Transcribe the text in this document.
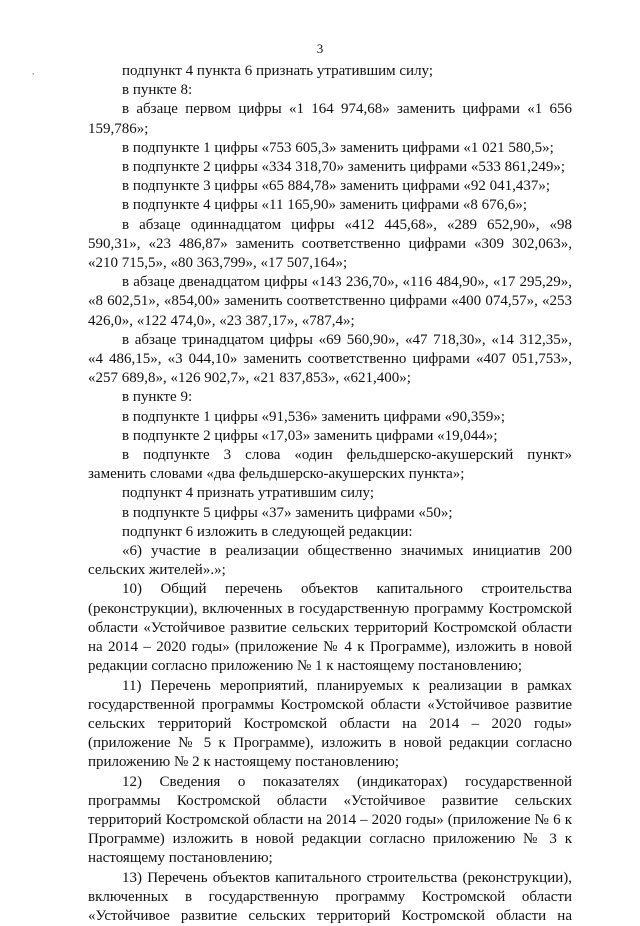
3
,	подпункт 4 пункта 6 признать утратившим силу;

в пункте 8:

в абзаце первом цифры «1 164 974,68» заменить цифрами «1 656 159,786»;

в подпункте 1 цифры «753 605,3» заменить цифрами «1 021 580,5»;

в подпункте 2 цифры «334 318,70» заменить цифрами «533 861,249»;

в подпункте 3 цифры «65 884,78» заменить цифрами «92 041,437»;

в подпункте 4 цифры «11 165,90» заменить цифрами «8 676,6»;

в абзаце одиннадцатом цифры «412 445,68», «289 652,90», «98 590,31», «23 486,87» заменить соответственно цифрами «309 302,063», «210 715,5», «80 363,799», «17 507,164»;

в абзаце двенадцатом цифры «143 236,70», «116 484,90», «17 295,29», «8 602,51», «854,00» заменить соответственно цифрами «400 074,57», «253 426,0», «122 474,0», «23 387,17», «787,4»;

в абзаце тринадцатом цифры «69 560,90», «47 718,30», «14 312,35», «4 486,15», «3 044,10» заменить соответственно цифрами «407 051,753», «257 689,8», «126 902,7», «21 837,853», «621,400»;

в пункте 9:

в подпункте 1 цифры «91,536» заменить цифрами «90,359»;

в подпункте 2 цифры «17,03» заменить цифрами «19,044»;

в подпункте 3 слова «один фельдшерско-акушерский пункт» заменить словами «два фельдшерско-акушерских пункта»;

подпункт 4 признать утратившим силу;

в подпункте 5 цифры «37» заменить цифрами «50»;

подпункт 6 изложить в следующей редакции:

«6) участие в реализации общественно значимых инициатив 200 сельских жителей».»;

10) Общий перечень объектов капитального строительства (реконструкции), включенных в государственную программу Костромской области «Устойчивое развитие сельских территорий Костромской области на 2014 – 2020 годы» (приложение № 4 к Программе), изложить в новой редакции согласно приложению № 1 к настоящему постановлению;

11) Перечень мероприятий, планируемых к реализации в рамках государственной программы Костромской области «Устойчивое развитие сельских территорий Костромской области на 2014 – 2020 годы» (приложение № 5 к Программе), изложить в новой редакции согласно приложению № 2 к настоящему постановлению;

12) Сведения о показателях (индикаторах) государственной программы Костромской области «Устойчивое развитие сельских территорий Костромской области на 2014 – 2020 годы» (приложение № 6 к Программе) изложить в новой редакции согласно приложению № 3 к настоящему постановлению;

13) Перечень объектов капитального строительства (реконструкции), включенных в государственную программу Костромской области «Устойчивое развитие сельских территорий Костромской области на
